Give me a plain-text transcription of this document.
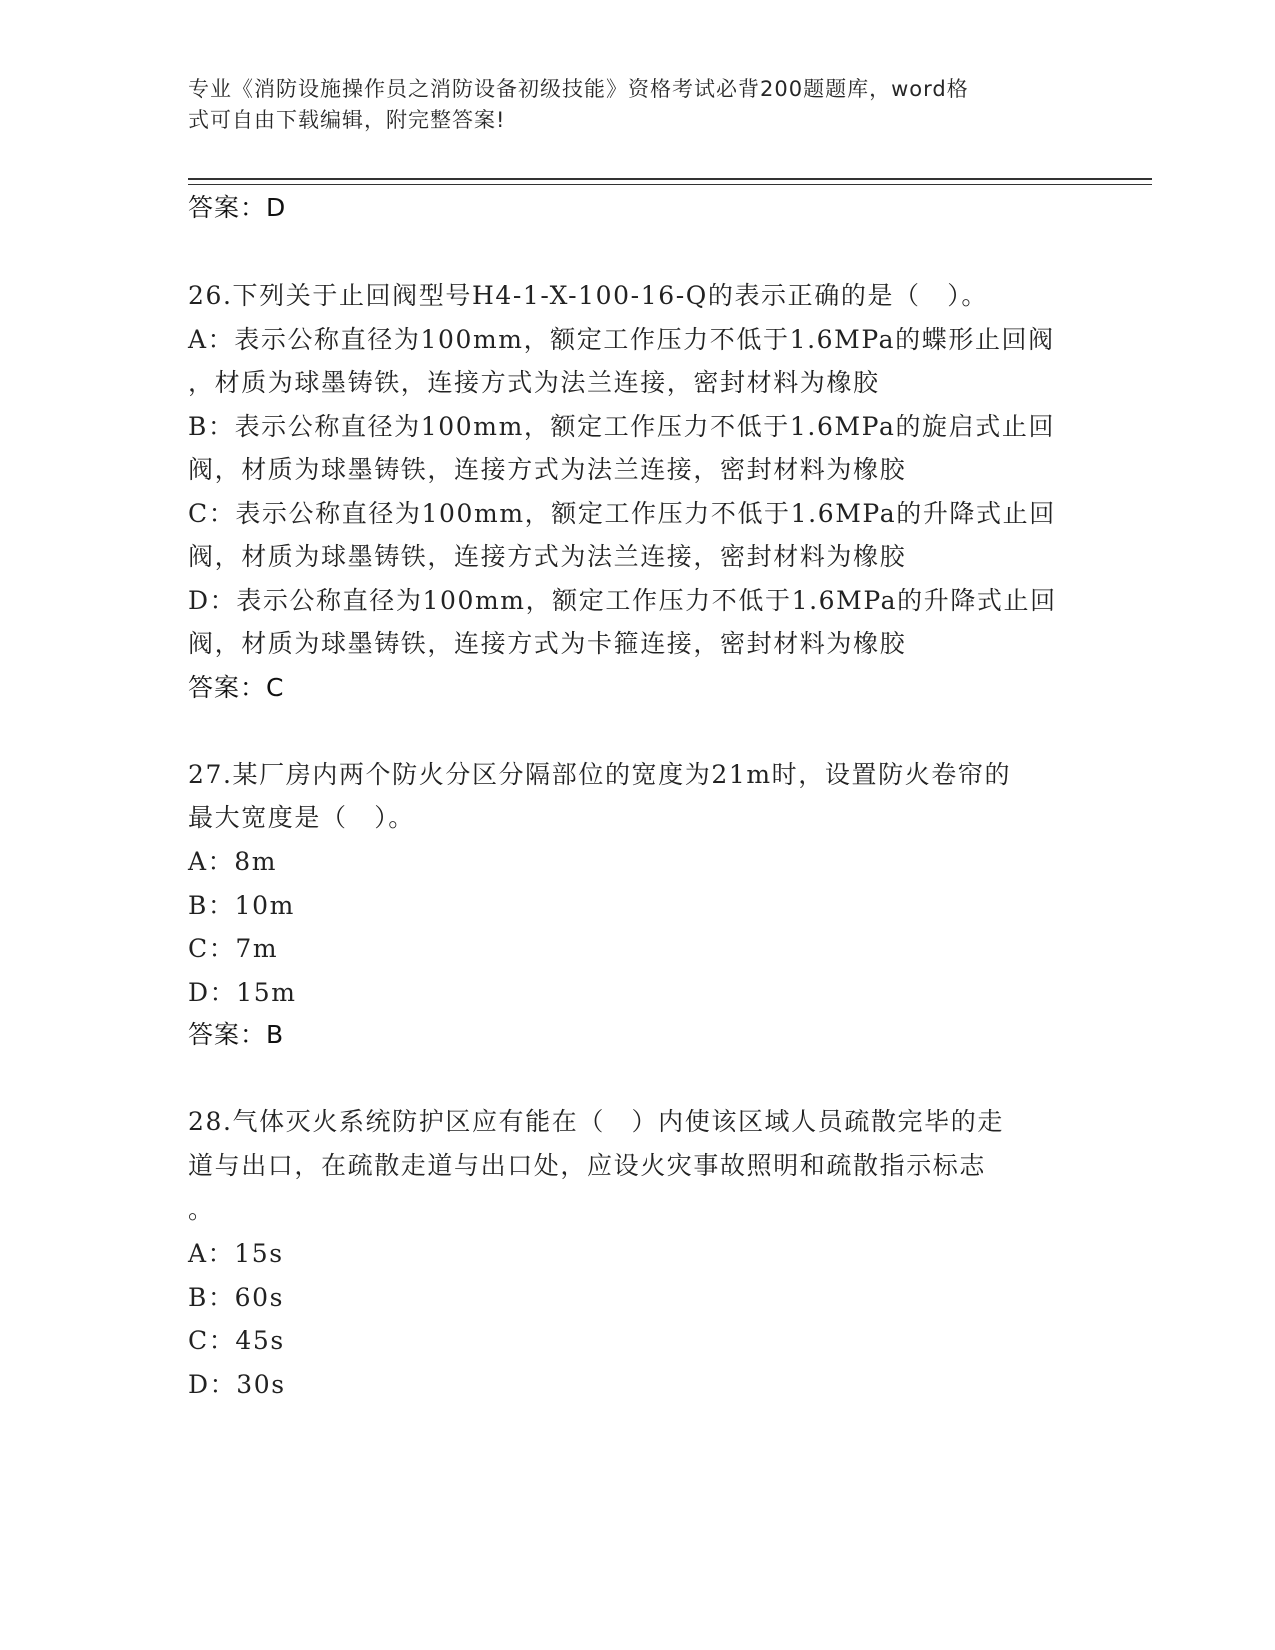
专业《消防设施操作员之消防设备初级技能》资格考试必背200题题库，word格
式可自由下载编辑，附完整答案!
答案：D
26.下列关于止回阀型号H4-1-X-100-16-Q的表示正确的是（　）。
A：表示公称直径为100mm，额定工作压力不低于1.6MPa的蝶形止回阀
，材质为球墨铸铁，连接方式为法兰连接，密封材料为橡胶
B：表示公称直径为100mm，额定工作压力不低于1.6MPa的旋启式止回
阀，材质为球墨铸铁，连接方式为法兰连接，密封材料为橡胶
C：表示公称直径为100mm，额定工作压力不低于1.6MPa的升降式止回
阀，材质为球墨铸铁，连接方式为法兰连接，密封材料为橡胶
D：表示公称直径为100mm，额定工作压力不低于1.6MPa的升降式止回
阀，材质为球墨铸铁，连接方式为卡箍连接，密封材料为橡胶
答案：C
27.某厂房内两个防火分区分隔部位的宽度为21m时，设置防火卷帘的
最大宽度是（　）。
A：8m
B：10m
C：7m
D：15m
答案：B
28.气体灭火系统防护区应有能在（　）内使该区域人员疏散完毕的走
道与出口，在疏散走道与出口处，应设火灾事故照明和疏散指示标志
。
A：15s
B：60s
C：45s
D：30s
